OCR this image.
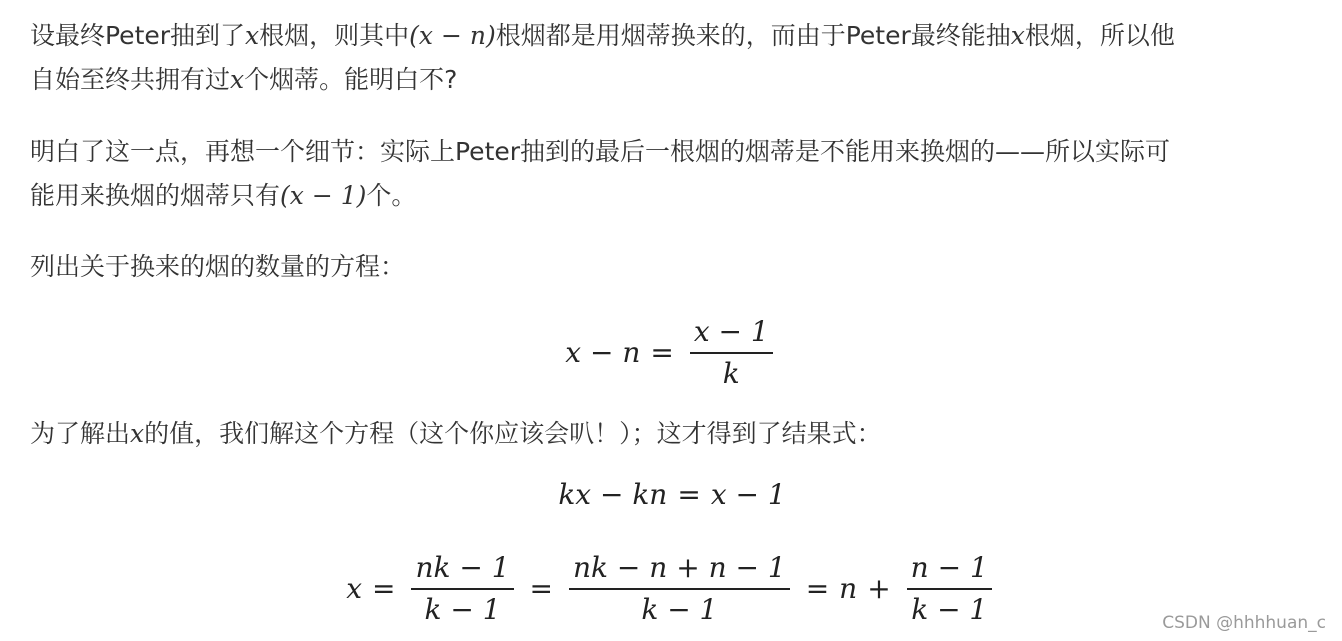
设最终Peter抽到了x根烟，则其中(x − n)根烟都是用烟蒂换来的，而由于Peter最终能抽x根烟，所以他

自始至终共拥有过x个烟蒂。能明白不?

明白了这一点，再想一个细节：实际上Peter抽到的最后一根烟的烟蒂是不能用来换烟的——所以实际可

能用来换烟的烟蒂只有(x − 1)个。

列出关于换来的烟的数量的方程：

$x - n = \frac{x - 1}{k}$

为了解出x的值，我们解这个方程（这个你应该会叭！）；这才得到了结果式：

kx − kn = x − 1
$x = \frac{nk - 1}{k - 1} = \frac{nk - n + n - 1}{k - 1} = n + \frac{n - 1}{k - 1}$	CSDN @hhhhuan_c
